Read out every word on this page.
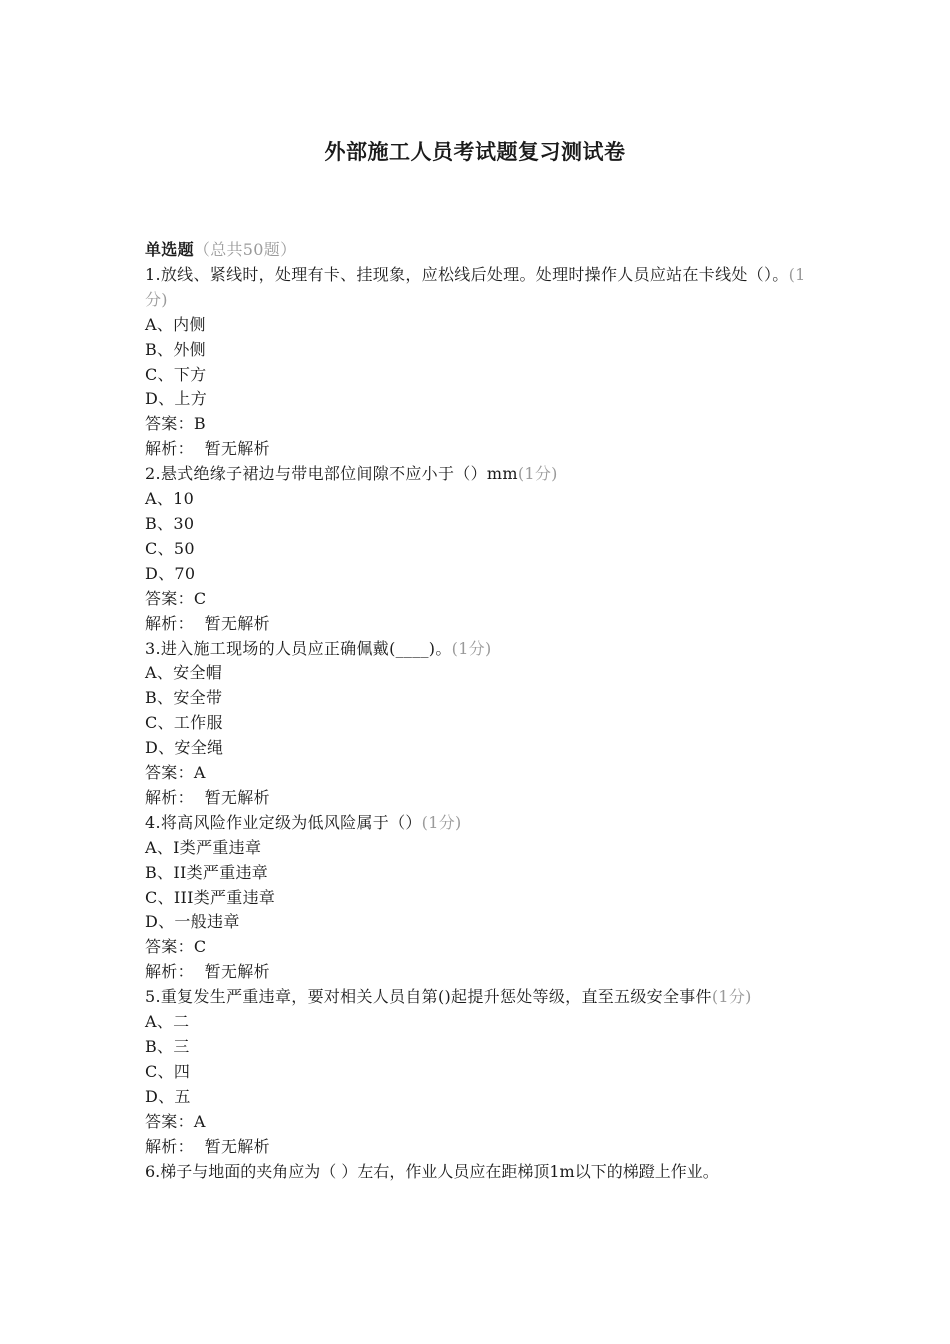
外部施工人员考试题复习测试卷
单选题（总共50题）
1.放线、紧线时，处理有卡、挂现象，应松线后处理。处理时操作人员应站在卡线处（）。(1分)
A、内侧
B、外侧
C、下方
D、上方
答案：B
解析：  暂无解析
2.悬式绝缘子裙边与带电部位间隙不应小于（）mm(1分)
A、10
B、30
C、50
D、70
答案：C
解析：  暂无解析
3.进入施工现场的人员应正确佩戴(____)。(1分)
A、安全帽
B、安全带
C、工作服
D、安全绳
答案：A
解析：  暂无解析
4.将高风险作业定级为低风险属于（）(1分)
A、I类严重违章
B、II类严重违章
C、III类严重违章
D、一般违章
答案：C
解析：  暂无解析
5.重复发生严重违章，要对相关人员自第()起提升惩处等级，直至五级安全事件(1分)
A、二
B、三
C、四
D、五
答案：A
解析：  暂无解析
6.梯子与地面的夹角应为（ ）左右，作业人员应在距梯顶1m以下的梯蹬上作业。
